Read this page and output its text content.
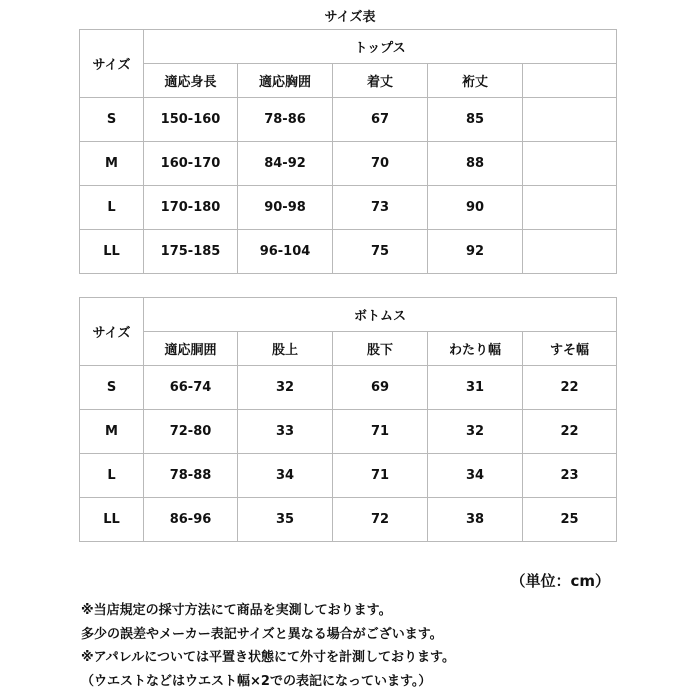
サイズ表
サイズ	トップス				
	適応身長	適応胸囲	着丈	裄丈	
S	150-160	78-86	67	85	
M	160-170	84-92	70	88	
L	170-180	90-98	73	90	
LL	175-185	96-104	75	92	
サイズ	ボトムス				
	適応胴囲	股上	股下	わたり幅	すそ幅
S	66-74	32	69	31	22
M	72-80	33	71	32	22
L	78-88	34	71	34	23
LL	86-96	35	72	38	25
（単位：cm）
※当店規定の採寸方法にて商品を実測しております。
多少の誤差やメーカー表記サイズと異なる場合がございます。
※アパレルについては平置き状態にて外寸を計測しております。
（ウエストなどはウエスト幅×2での表記になっています。）
